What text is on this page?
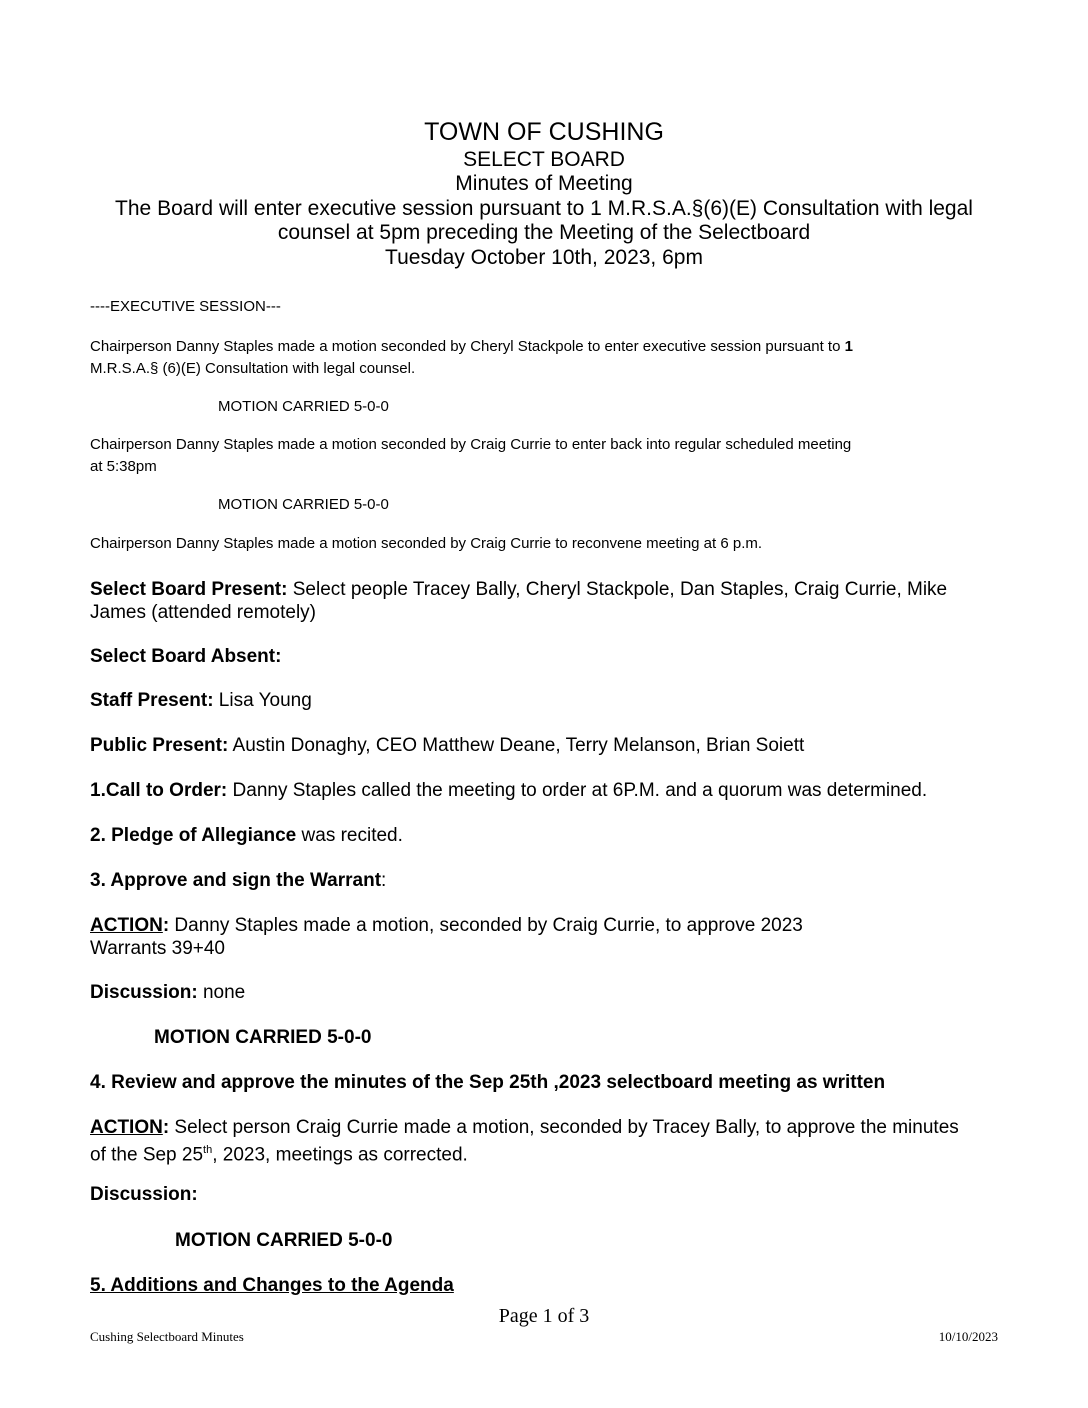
TOWN OF CUSHING
SELECT BOARD
Minutes of Meeting
The Board will enter executive session pursuant to 1 M.R.S.A.§(6)(E) Consultation with legal
counsel at 5pm preceding the Meeting of the Selectboard
Tuesday October 10th, 2023, 6pm
----EXECUTIVE SESSION---
Chairperson Danny Staples made a motion seconded by Cheryl Stackpole to enter executive session pursuant to 1
M.R.S.A.§ (6)(E) Consultation with legal counsel.
MOTION CARRIED 5-0-0
Chairperson Danny Staples made a motion seconded by Craig Currie to enter back into regular scheduled meeting
at 5:38pm
MOTION CARRIED 5-0-0
Chairperson Danny Staples made a motion seconded by Craig Currie to reconvene meeting at 6 p.m.
Select Board Present: Select people Tracey Bally, Cheryl Stackpole, Dan Staples, Craig Currie, Mike
James (attended remotely)
Select Board Absent:
Staff Present: Lisa Young
Public Present: Austin Donaghy, CEO Matthew Deane, Terry Melanson, Brian Soiett
1.Call to Order: Danny Staples called the meeting to order at 6P.M. and a quorum was determined.
2. Pledge of Allegiance was recited.
3. Approve and sign the Warrant:
ACTION: Danny Staples made a motion, seconded by Craig Currie, to approve 2023
Warrants 39+40
Discussion: none
MOTION CARRIED 5-0-0
4. Review and approve the minutes of the Sep 25th ,2023 selectboard meeting as written
ACTION: Select person Craig Currie made a motion, seconded by Tracey Bally, to approve the minutes
of the Sep 25th, 2023, meetings as corrected.
Discussion:
MOTION CARRIED 5-0-0
5. Additions and Changes to the Agenda
Page 1 of 3
Cushing Selectboard Minutes	10/10/2023
